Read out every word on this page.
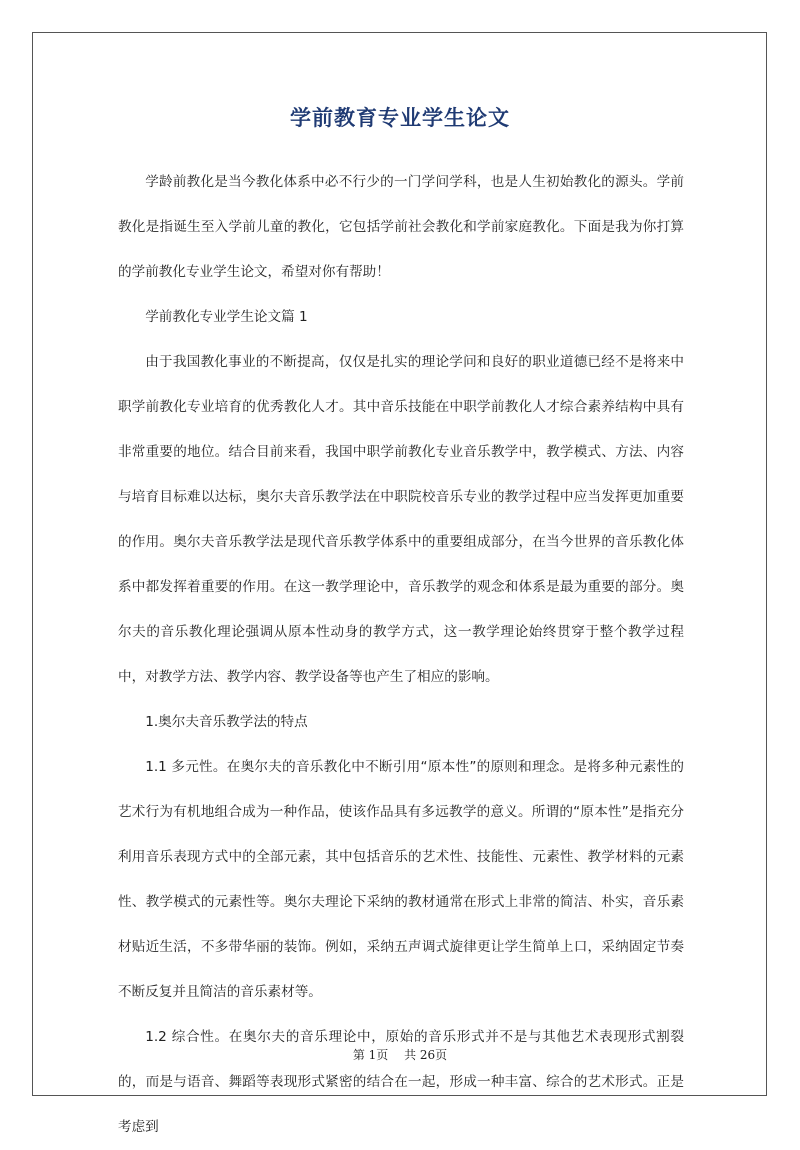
学前教育专业学生论文

学龄前教化是当今教化体系中必不行少的一门学问学科，也是人生初始教化的源头。学前教化是指诞生至入学前儿童的教化，它包括学前社会教化和学前家庭教化。下面是我为你打算的学前教化专业学生论文，希望对你有帮助！

学前教化专业学生论文篇 1

由于我国教化事业的不断提高，仅仅是扎实的理论学问和良好的职业道德已经不是将来中职学前教化专业培育的优秀教化人才。其中音乐技能在中职学前教化人才综合素养结构中具有非常重要的地位。结合目前来看，我国中职学前教化专业音乐教学中，教学模式、方法、内容与培育目标难以达标，奥尔夫音乐教学法在中职院校音乐专业的教学过程中应当发挥更加重要的作用。奥尔夫音乐教学法是现代音乐教学体系中的重要组成部分，在当今世界的音乐教化体系中都发挥着重要的作用。在这一教学理论中，音乐教学的观念和体系是最为重要的部分。奥尔夫的音乐教化理论强调从原本性动身的教学方式，这一教学理论始终贯穿于整个教学过程中，对教学方法、教学内容、教学设备等也产生了相应的影响。

1.奥尔夫音乐教学法的特点

1.1 多元性。在奥尔夫的音乐教化中不断引用“原本性”的原则和理念。是将多种元素性的艺术行为有机地组合成为一种作品，使该作品具有多远教学的意义。所谓的“原本性”是指充分利用音乐表现方式中的全部元素，其中包括音乐的艺术性、技能性、元素性、教学材料的元素性、教学模式的元素性等。奥尔夫理论下采纳的教材通常在形式上非常的简洁、朴实，音乐素材贴近生活，不多带华丽的装饰。例如，采纳五声调式旋律更让学生简单上口，采纳固定节奏不断反复并且简洁的音乐素材等。

1.2 综合性。在奥尔夫的音乐理论中，原始的音乐形式并不是与其他艺术表现形式割裂的，而是与语音、舞蹈等表现形式紧密的结合在一起，形成一种丰富、综合的艺术形式。正是考虑到

第 1页 共 26页
